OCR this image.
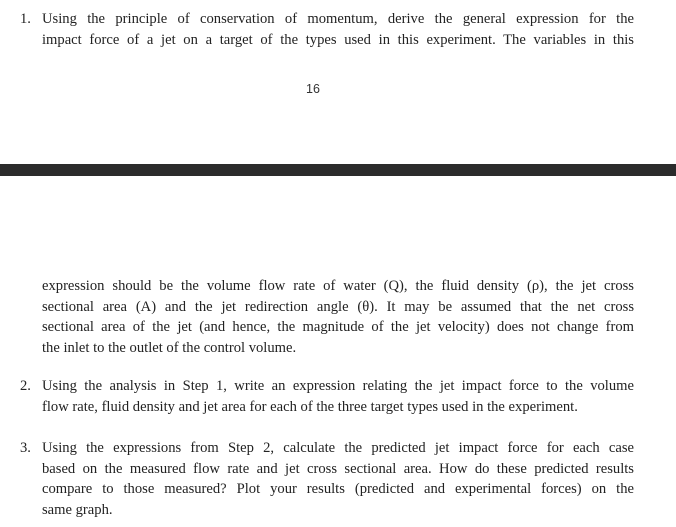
1. Using the principle of conservation of momentum, derive the general expression for the
impact force of a jet on a target of the types used in this experiment. The variables in this
16
expression should be the volume flow rate of water (Q), the fluid density (ρ), the jet cross
sectional area (A) and the jet redirection angle (θ). It may be assumed that the net cross
sectional area of the jet (and hence, the magnitude of the jet velocity) does not change from
the inlet to the outlet of the control volume.
2. Using the analysis in Step 1, write an expression relating the jet impact force to the volume
flow rate, fluid density and jet area for each of the three target types used in the experiment.
3. Using the expressions from Step 2, calculate the predicted jet impact force for each case
based on the measured flow rate and jet cross sectional area. How do these predicted results
compare to those measured? Plot your results (predicted and experimental forces) on the
same graph.
